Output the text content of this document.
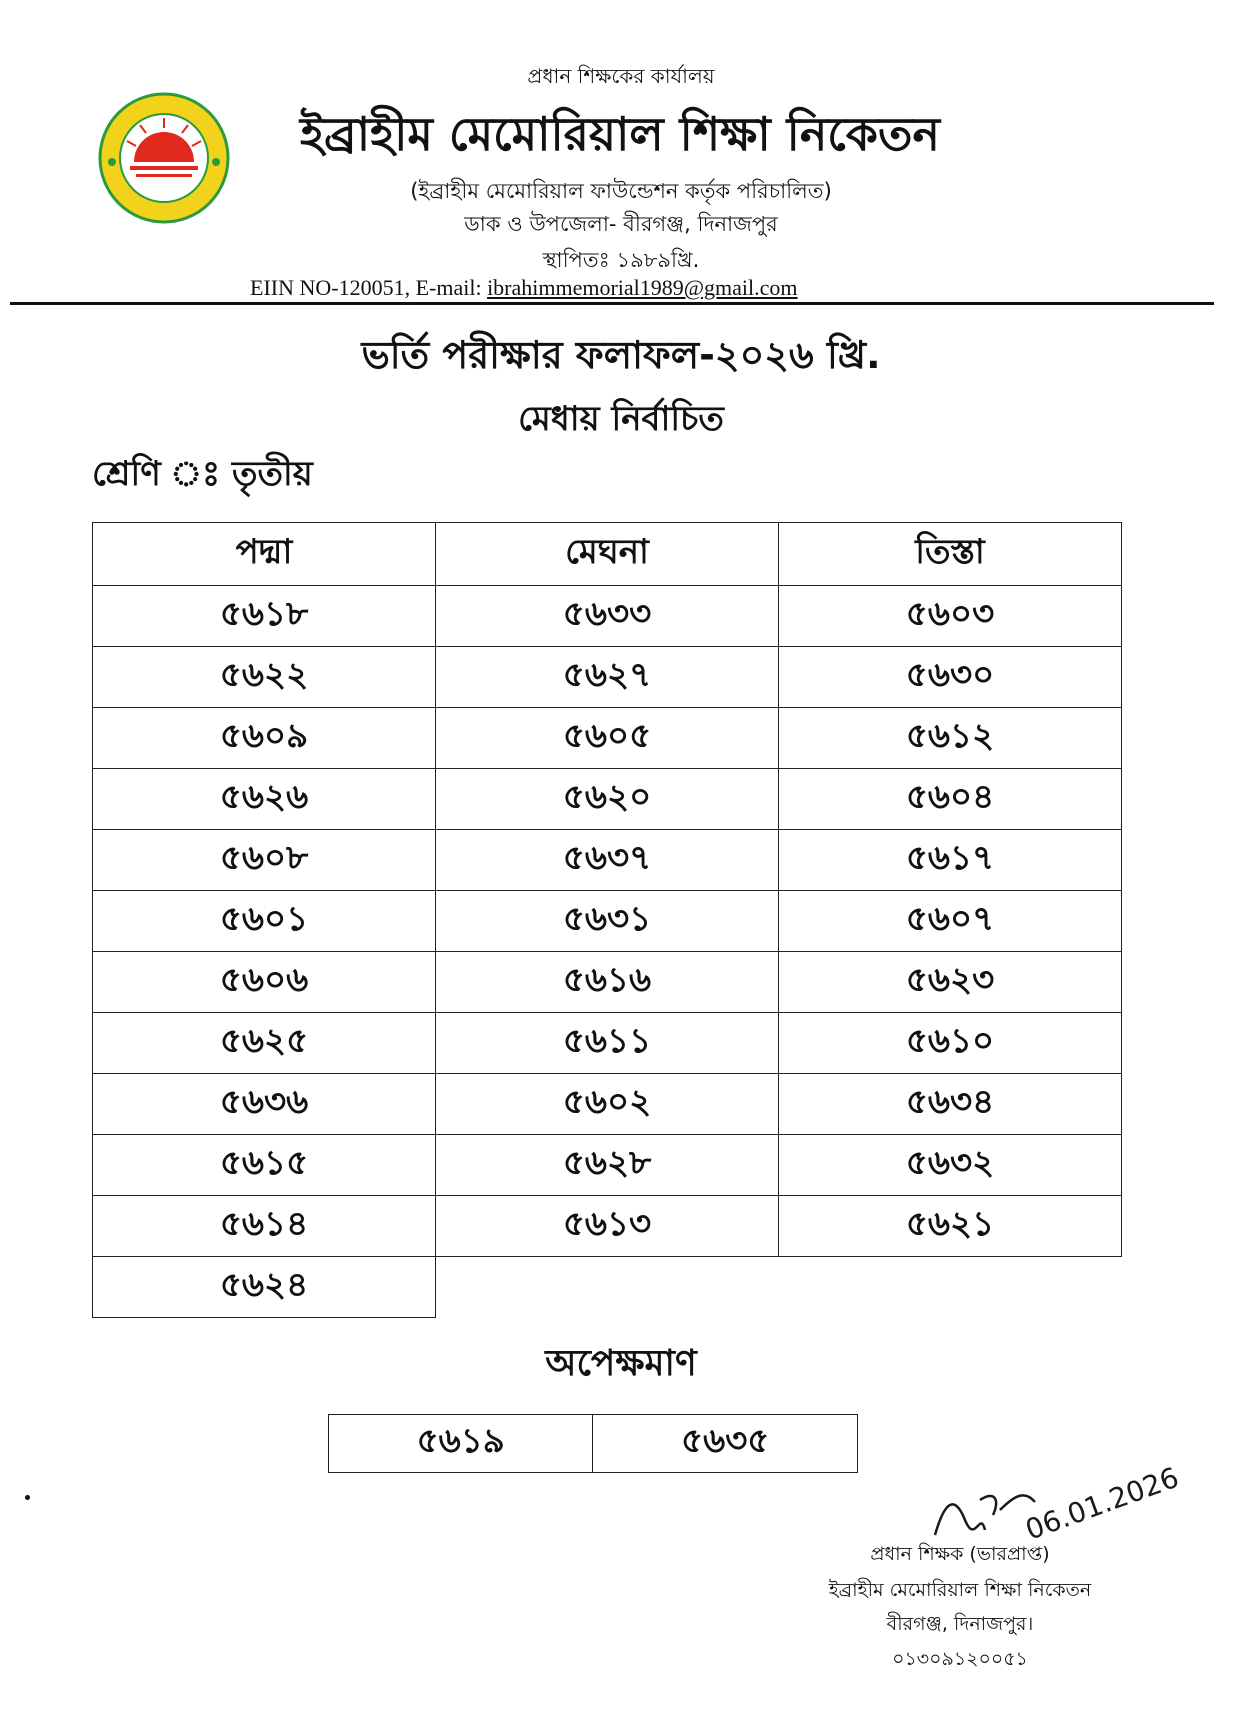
প্রধান শিক্ষকের কার্যালয়
ইব্রাহীম মেমোরিয়াল শিক্ষা নিকেতন
(ইব্রাহীম মেমোরিয়াল ফাউন্ডেশন কর্তৃক পরিচালিত)
ডাক ও উপজেলা- বীরগঞ্জ, দিনাজপুর
স্থাপিতঃ ১৯৮৯খ্রি.
EIIN NO-120051, E-mail: ibrahimmemorial1989@gmail.com
ভর্তি পরীক্ষার ফলাফল-২০২৬ খ্রি.
মেধায় নির্বাচিত
শ্রেণি ঃ তৃতীয়
পদ্মা	মেঘনা	তিস্তা
৫৬১৮	৫৬৩৩	৫৬০৩
৫৬২২	৫৬২৭	৫৬৩০
৫৬০৯	৫৬০৫	৫৬১২
৫৬২৬	৫৬২০	৫৬০৪
৫৬০৮	৫৬৩৭	৫৬১৭
৫৬০১	৫৬৩১	৫৬০৭
৫৬০৬	৫৬১৬	৫৬২৩
৫৬২৫	৫৬১১	৫৬১০
৫৬৩৬	৫৬০২	৫৬৩৪
৫৬১৫	৫৬২৮	৫৬৩২
৫৬১৪	৫৬১৩	৫৬২১
৫৬২৪		
অপেক্ষমাণ
৫৬১৯	৫৬৩৫
06.01.2026
প্রধান শিক্ষক (ভারপ্রাপ্ত)
ইব্রাহীম মেমোরিয়াল শিক্ষা নিকেতন
বীরগঞ্জ, দিনাজপুর।
০১৩০৯১২০০৫১
